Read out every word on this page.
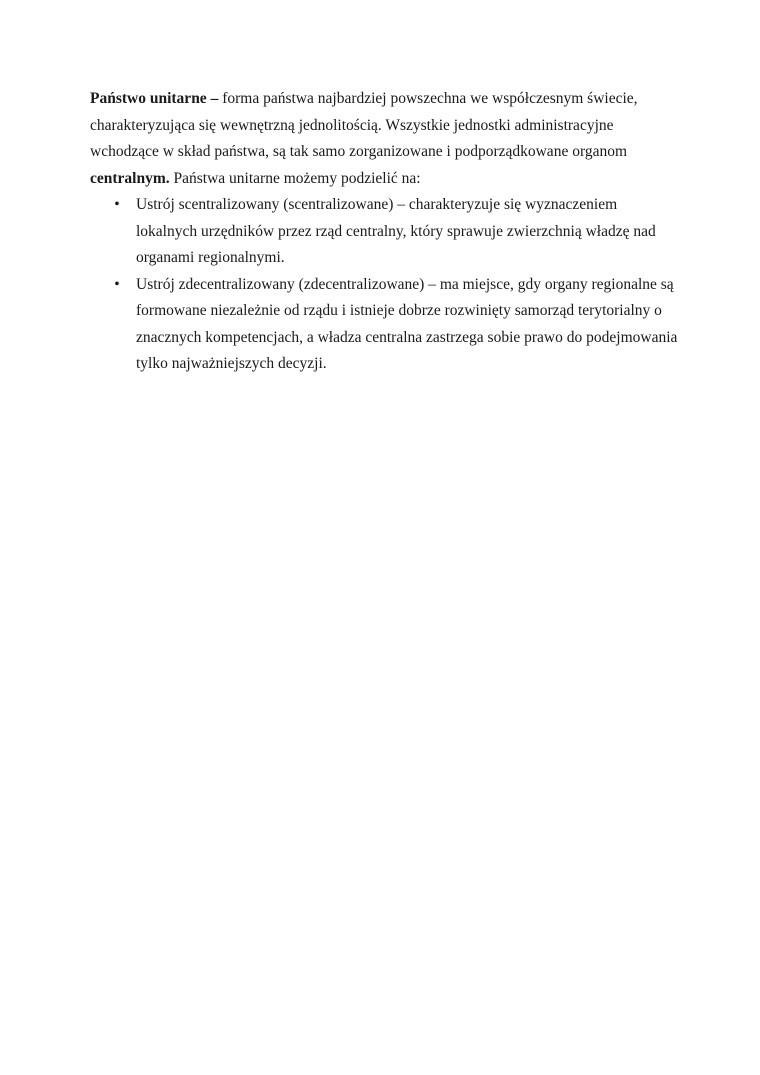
Państwo unitarne – forma państwa najbardziej powszechna we współczesnym świecie, charakteryzująca się wewnętrzną jednolitością. Wszystkie jednostki administracyjne wchodzące w skład państwa, są tak samo zorganizowane i podporządkowane organom centralnym. Państwa unitarne możemy podzielić na:

• Ustrój scentralizowany (scentralizowane) – charakteryzuje się wyznaczeniem lokalnych urzędników przez rząd centralny, który sprawuje zwierzchnią władzę nad organami regionalnymi.
• Ustrój zdecentralizowany (zdecentralizowane) – ma miejsce, gdy organy regionalne są formowane niezależnie od rządu i istnieje dobrze rozwinięty samorząd terytorialny o znacznych kompetencjach, a władza centralna zastrzega sobie prawo do podejmowania tylko najważniejszych decyzji.
